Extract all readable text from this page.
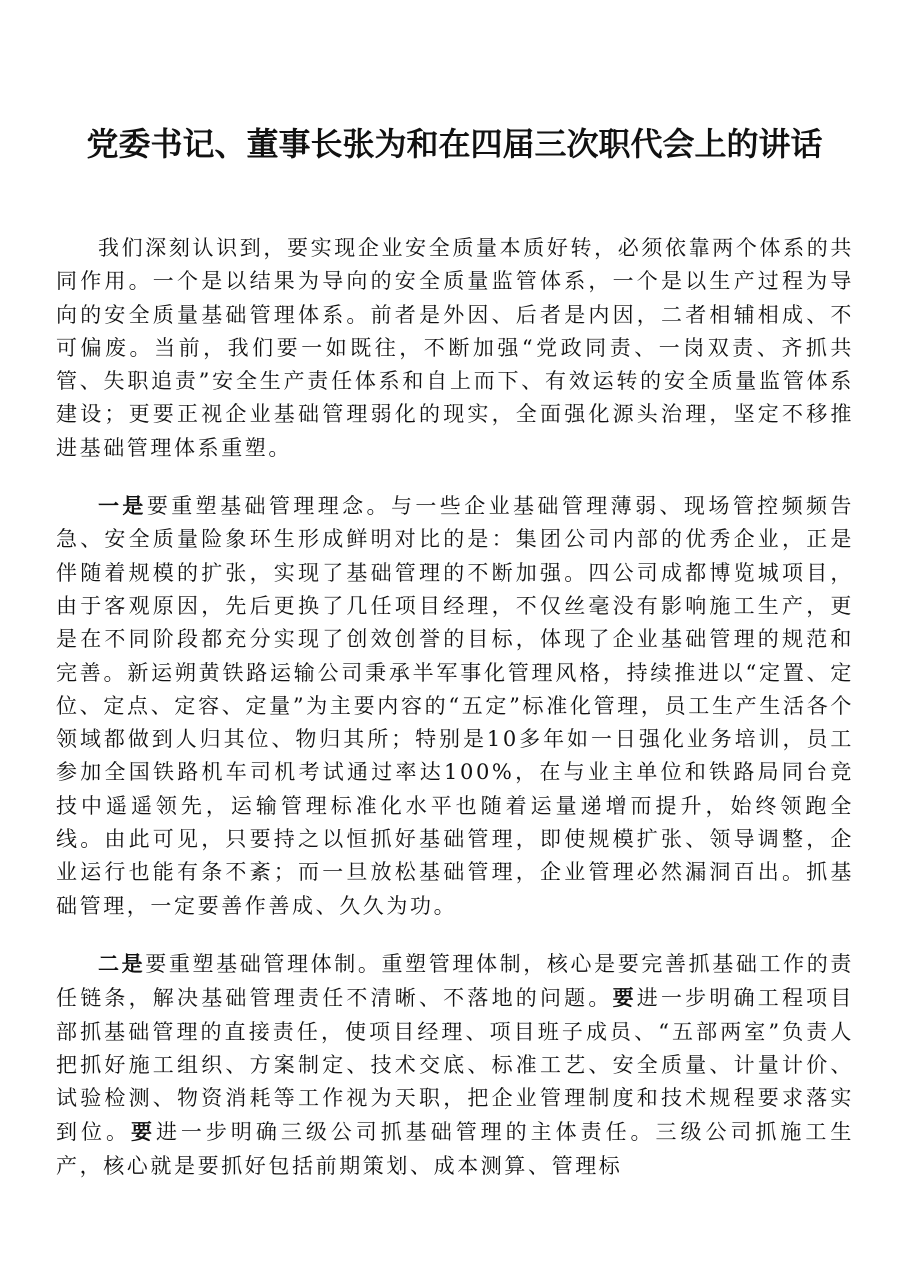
党委书记、董事长张为和在四届三次职代会上的讲话

我们深刻认识到，要实现企业安全质量本质好转，必须依靠两个体系的共同作用。一个是以结果为导向的安全质量监管体系，一个是以生产过程为导向的安全质量基础管理体系。前者是外因、后者是内因，二者相辅相成、不可偏废。当前，我们要一如既往，不断加强“党政同责、一岗双责、齐抓共管、失职追责”安全生产责任体系和自上而下、有效运转的安全质量监管体系建设；更要正视企业基础管理弱化的现实，全面强化源头治理，坚定不移推进基础管理体系重塑。

一是要重塑基础管理理念。与一些企业基础管理薄弱、现场管控频频告急、安全质量险象环生形成鲜明对比的是：集团公司内部的优秀企业，正是伴随着规模的扩张，实现了基础管理的不断加强。四公司成都博览城项目，由于客观原因，先后更换了几任项目经理，不仅丝毫没有影响施工生产，更是在不同阶段都充分实现了创效创誉的目标，体现了企业基础管理的规范和完善。新运朔黄铁路运输公司秉承半军事化管理风格，持续推进以“定置、定位、定点、定容、定量”为主要内容的“五定”标准化管理，员工生产生活各个领域都做到人归其位、物归其所；特别是10多年如一日强化业务培训，员工参加全国铁路机车司机考试通过率达100%，在与业主单位和铁路局同台竞技中遥遥领先，运输管理标准化水平也随着运量递增而提升，始终领跑全线。由此可见，只要持之以恒抓好基础管理，即使规模扩张、领导调整，企业运行也能有条不紊；而一旦放松基础管理，企业管理必然漏洞百出。抓基础管理，一定要善作善成、久久为功。

二是要重塑基础管理体制。重塑管理体制，核心是要完善抓基础工作的责任链条，解决基础管理责任不清晰、不落地的问题。要进一步明确工程项目部抓基础管理的直接责任，使项目经理、项目班子成员、“五部两室”负责人把抓好施工组织、方案制定、技术交底、标准工艺、安全质量、计量计价、试验检测、物资消耗等工作视为天职，把企业管理制度和技术规程要求落实到位。要进一步明确三级公司抓基础管理的主体责任。三级公司抓施工生产，核心就是要抓好包括前期策划、成本测算、管理标
